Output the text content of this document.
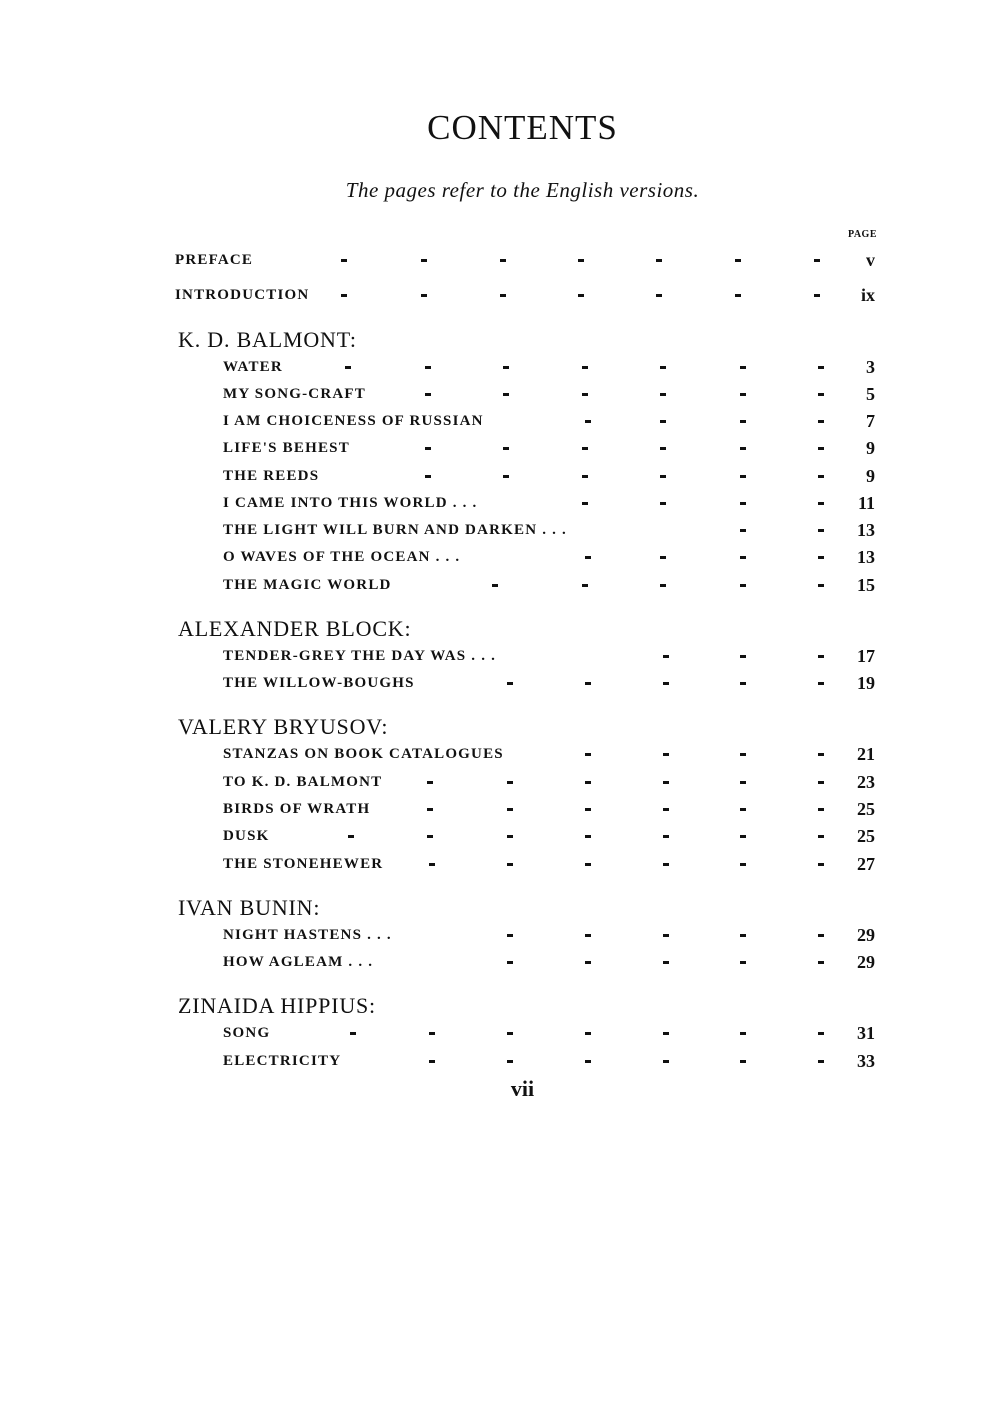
CONTENTS
The pages refer to the English versions.
PAGE
PREFACE	v
INTRODUCTION	ix
K. D. BALMONT:
WATER	3
MY SONG-CRAFT	5
I AM CHOICENESS OF RUSSIAN	7
LIFE'S BEHEST	9
THE REEDS	9
I CAME INTO THIS WORLD . . .	11
THE LIGHT WILL BURN AND DARKEN . . .	13
O WAVES OF THE OCEAN . . .	13
THE MAGIC WORLD	15
ALEXANDER BLOCK:
TENDER-GREY THE DAY WAS . . .	17
THE WILLOW-BOUGHS	19
VALERY BRYUSOV:
STANZAS ON BOOK CATALOGUES	21
TO K. D. BALMONT	23
BIRDS OF WRATH	25
DUSK	25
THE STONEHEWER	27
IVAN BUNIN:
NIGHT HASTENS . . .	29
HOW AGLEAM . . .	29
ZINAIDA HIPPIUS:
SONG	31
ELECTRICITY	33
vii
